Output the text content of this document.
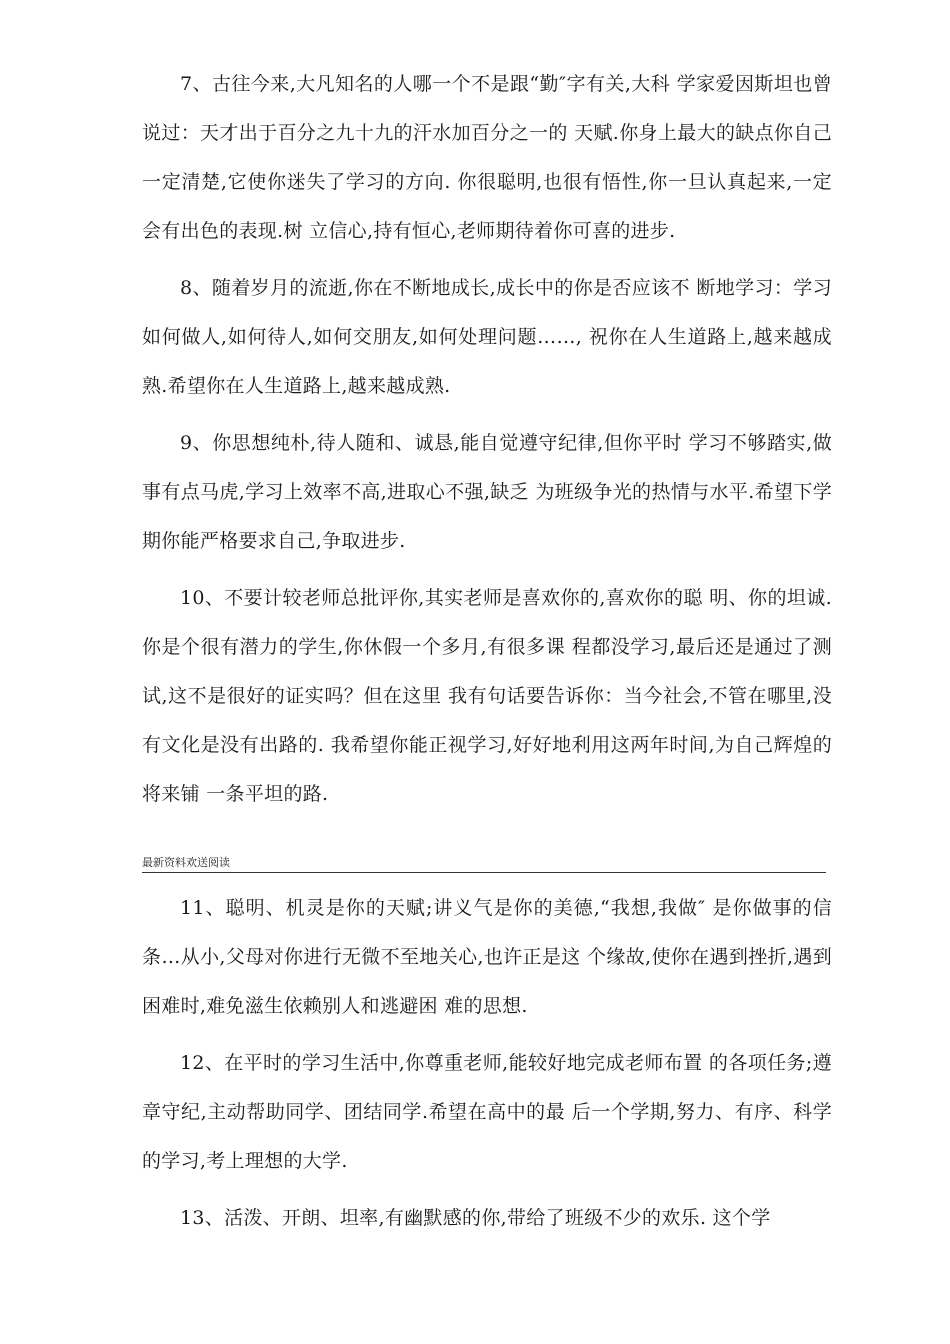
7、古往今来,大凡知名的人哪一个不是跟“勤″字有关,大科 学家爱因斯坦也曾说过：天才出于百分之九十九的汗水加百分之一的 天赋.你身上最大的缺点你自己一定清楚,它使你迷失了学习的方向. 你很聪明,也很有悟性,你一旦认真起来,一定会有出色的表现.树 立信心,持有恒心,老师期待着你可喜的进步.

8、随着岁月的流逝,你在不断地成长,成长中的你是否应该不 断地学习：学习如何做人,如何待人,如何交朋友,如何处理问题……, 祝你在人生道路上,越来越成熟.希望你在人生道路上,越来越成熟.

9、你思想纯朴,待人随和、诚恳,能自觉遵守纪律,但你平时 学习不够踏实,做事有点马虎,学习上效率不高,进取心不强,缺乏 为班级争光的热情与水平.希望下学期你能严格要求自己,争取进步.

10、不要计较老师总批评你,其实老师是喜欢你的,喜欢你的聪 明、你的坦诚.你是个很有潜力的学生,你休假一个多月,有很多课 程都没学习,最后还是通过了测试,这不是很好的证实吗？但在这里 我有句话要告诉你：当今社会,不管在哪里,没有文化是没有出路的. 我希望你能正视学习,好好地利用这两年时间,为自己辉煌的将来铺 一条平坦的路.

最新资料欢送阅读

11、聪明、机灵是你的天赋;讲义气是你的美德,“我想,我做″ 是你做事的信条…从小,父母对你进行无微不至地关心,也许正是这 个缘故,使你在遇到挫折,遇到困难时,难免滋生依赖别人和逃避困 难的思想.

12、在平时的学习生活中,你尊重老师,能较好地完成老师布置 的各项任务;遵章守纪,主动帮助同学、团结同学.希望在高中的最 后一个学期,努力、有序、科学的学习,考上理想的大学.

13、活泼、开朗、坦率,有幽默感的你,带给了班级不少的欢乐. 这个学
